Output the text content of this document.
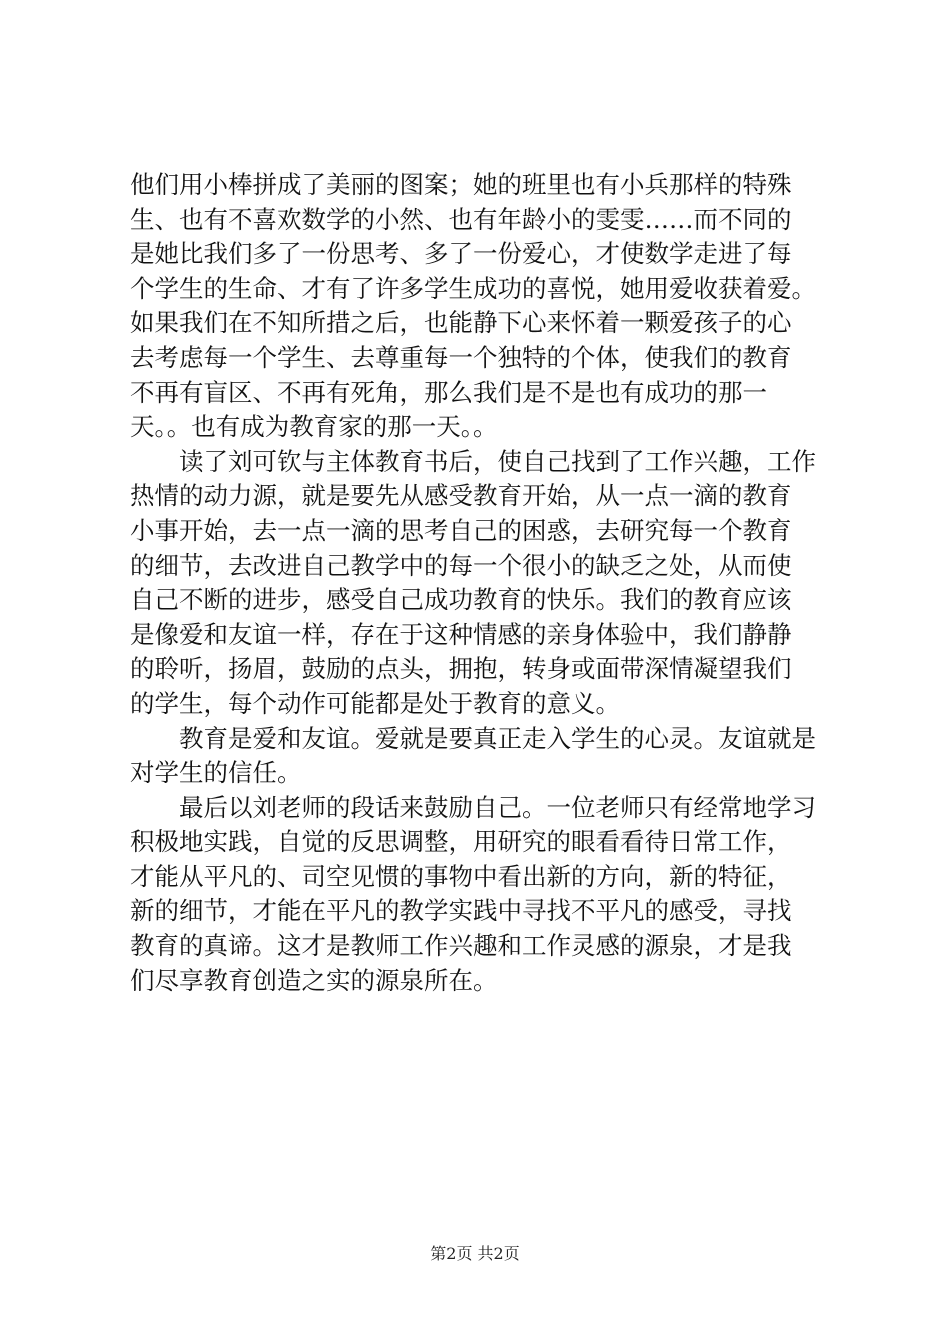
他们用小棒拼成了美丽的图案；她的班里也有小兵那样的特殊
生、也有不喜欢数学的小然、也有年龄小的雯雯……而不同的
是她比我们多了一份思考、多了一份爱心，才使数学走进了每
个学生的生命、才有了许多学生成功的喜悦，她用爱收获着爱。
如果我们在不知所措之后，也能静下心来怀着一颗爱孩子的心
去考虑每一个学生、去尊重每一个独特的个体，使我们的教育
不再有盲区、不再有死角，那么我们是不是也有成功的那一
天。。也有成为教育家的那一天。。
　　读了刘可钦与主体教育书后，使自己找到了工作兴趣，工作
热情的动力源，就是要先从感受教育开始，从一点一滴的教育
小事开始，去一点一滴的思考自己的困惑，去研究每一个教育
的细节，去改进自己教学中的每一个很小的缺乏之处，从而使
自己不断的进步，感受自己成功教育的快乐。我们的教育应该
是像爱和友谊一样，存在于这种情感的亲身体验中，我们静静
的聆听，扬眉，鼓励的点头，拥抱，转身或面带深情凝望我们
的学生，每个动作可能都是处于教育的意义。
　　教育是爱和友谊。爱就是要真正走入学生的心灵。友谊就是
对学生的信任。
　　最后以刘老师的段话来鼓励自己。一位老师只有经常地学习
积极地实践，自觉的反思调整，用研究的眼看看待日常工作，
才能从平凡的、司空见惯的事物中看出新的方向，新的特征，
新的细节，才能在平凡的教学实践中寻找不平凡的感受，寻找
教育的真谛。这才是教师工作兴趣和工作灵感的源泉，才是我
们尽享教育创造之实的源泉所在。
第2页 共2页
